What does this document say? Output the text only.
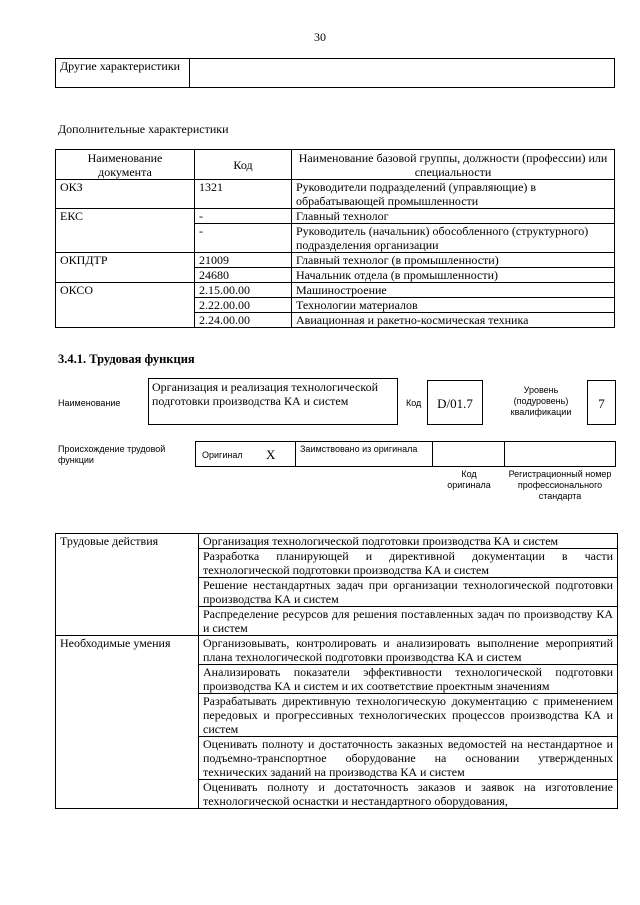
30
Другие характеристики	
Дополнительные характеристики
Наименование документа	Код	Наименование базовой группы, должности (профессии) или специальности
ОКЗ	1321	Руководители подразделений (управляющие) в обрабатывающей промышленности
ЕКС	-	Главный технолог
	-	Руководитель (начальник) обособленного (структурного) подразделения организации
ОКПДТР	21009	Главный технолог (в промышленности)
	24680	Начальник отдела (в промышленности)
ОКСО	2.15.00.00	Машиностроение
	2.22.00.00	Технологии материалов
	2.24.00.00	Авиационная и ракетно-космическая техника
3.4.1. Трудовая функция
Наименование
Организация и реализация технологической подготовки производства КА и систем	Код	D/01.7
Уровень (подуровень) квалификации
7
Происхождение трудовой функции	Оригинал X	Заимствовано из оригинала
Код оригинала
Регистрационный номер профессионального стандарта
Трудовые действия	Организация технологической подготовки производства КА и систем
	Разработка планирующей и директивной документации в части технологической подготовки производства КА и систем
	Решение нестандартных задач при организации технологической подготовки производства КА и систем
	Распределение ресурсов для решения поставленных задач по производству КА и систем
Необходимые умения	Организовывать, контролировать и анализировать выполнение мероприятий плана технологической подготовки производства КА и систем
	Анализировать показатели эффективности технологической подготовки производства КА и систем и их соответствие проектным значениям
	Разрабатывать директивную технологическую документацию с применением передовых и прогрессивных технологических процессов производства КА и систем
	Оценивать полноту и достаточность заказных ведомостей на нестандартное и подъемно-транспортное оборудование на основании утвержденных технических заданий на производства КА и систем
	Оценивать полноту и достаточность заказов и заявок на изготовление технологической оснастки и нестандартного оборудования,
